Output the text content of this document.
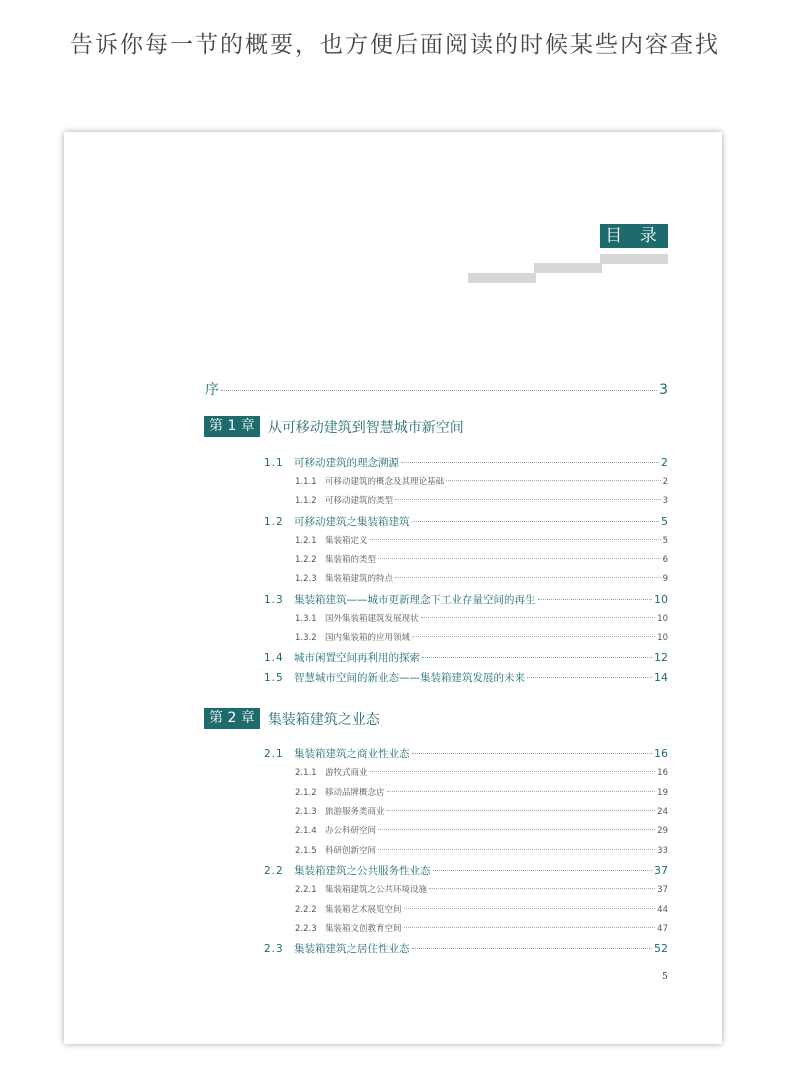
告诉你每一节的概要，也方便后面阅读的时候某些内容查找
目 录
序	3
第 1 章 从可移动建筑到智慧城市新空间
1.1 可移动建筑的理念溯源	2
1.1.1 可移动建筑的概念及其理论基础	2
1.1.2 可移动建筑的类型	3
1.2 可移动建筑之集装箱建筑	5
1.2.1 集装箱定义	5
1.2.2 集装箱的类型	6
1.2.3 集装箱建筑的特点	9
1.3 集装箱建筑——城市更新理念下工业存量空间的再生	10
1.3.1 国外集装箱建筑发展现状	10
1.3.2 国内集装箱的应用领域	10
1.4 城市闲置空间再利用的探索	12
1.5 智慧城市空间的新业态——集装箱建筑发展的未来	14
第 2 章 集装箱建筑之业态
2.1 集装箱建筑之商业性业态	16
2.1.1 游牧式商业	16
2.1.2 移动品牌概念店	19
2.1.3 旅游服务类商业	24
2.1.4 办公科研空间	29
2.1.5 科研创新空间	33
2.2 集装箱建筑之公共服务性业态	37
2.2.1 集装箱建筑之公共环境设施	37
2.2.2 集装箱艺术展览空间	44
2.2.3 集装箱文创教育空间	47
2.3 集装箱建筑之居住性业态	52
5
